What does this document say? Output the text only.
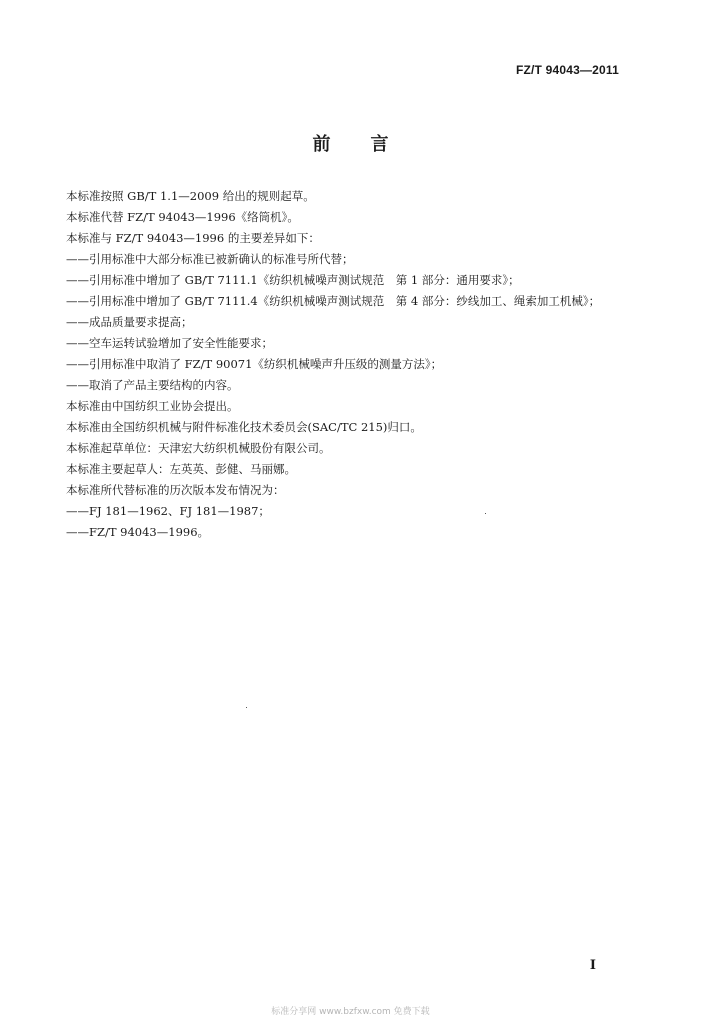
FZ/T 94043—2011
前言
本标准按照 GB/T 1.1—2009 给出的规则起草。
本标准代替 FZ/T 94043—1996《络筒机》。
本标准与 FZ/T 94043—1996 的主要差异如下：
——引用标准中大部分标准已被新确认的标准号所代替；
——引用标准中增加了 GB/T 7111.1《纺织机械噪声测试规范　第 1 部分：通用要求》；
——引用标准中增加了 GB/T 7111.4《纺织机械噪声测试规范　第 4 部分：纱线加工、绳索加工机械》；
——成品质量要求提高；
——空车运转试验增加了安全性能要求；
——引用标准中取消了 FZ/T 90071《纺织机械噪声升压级的测量方法》；
——取消了产品主要结构的内容。
本标准由中国纺织工业协会提出。
本标准由全国纺织机械与附件标准化技术委员会(SAC/TC 215)归口。
本标准起草单位：天津宏大纺织机械股份有限公司。
本标准主要起草人：左英英、彭健、马丽娜。
本标准所代替标准的历次版本发布情况为：
——FJ 181—1962、FJ 181—1987；
——FZ/T 94043—1996。
I
标准分享网 www.bzfxw.com 免费下载
